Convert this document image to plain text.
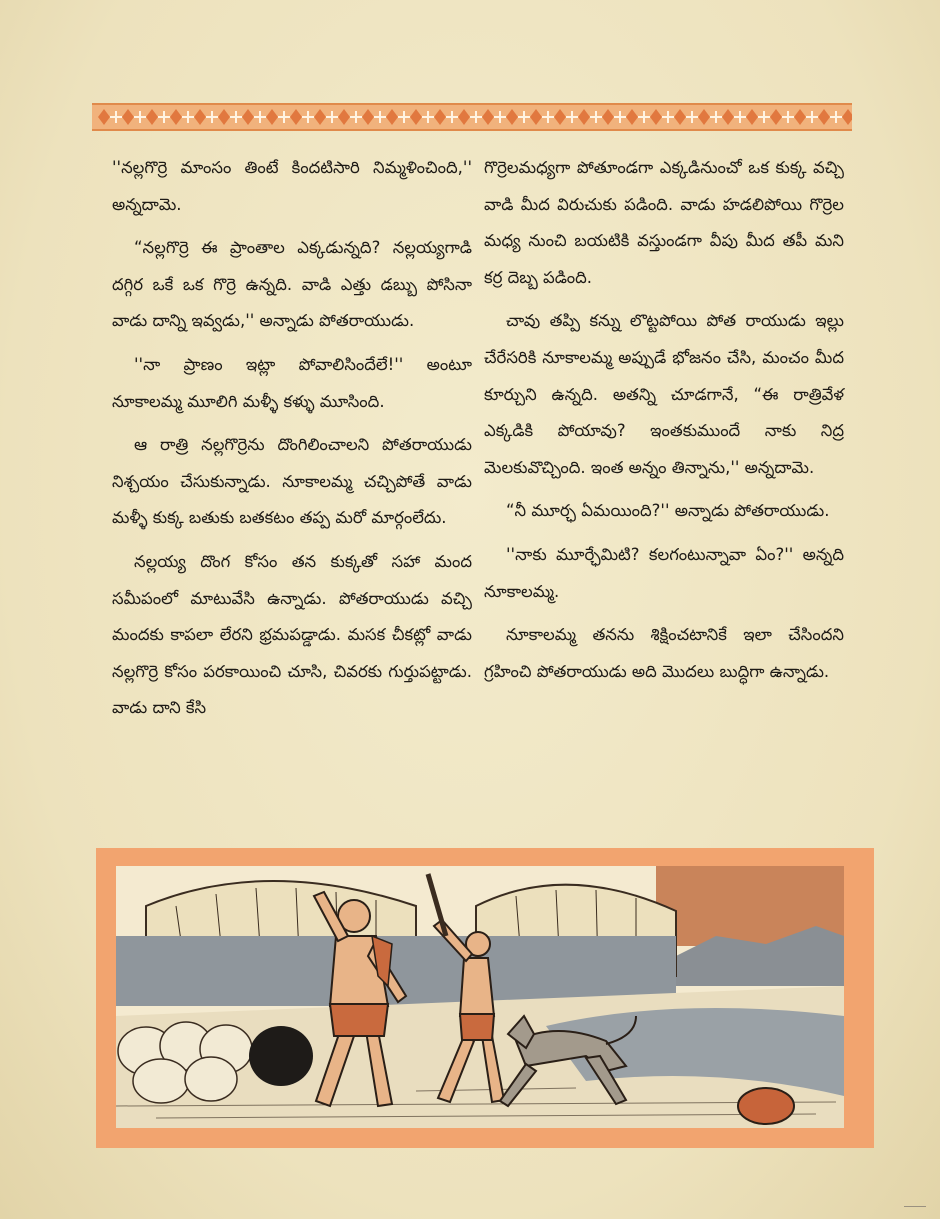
''నల్లగొర్రె మాంసం తింటే కిందటిసారి నిమ్మళించింది,'' అన్నదామె.

“నల్లగొర్రె ఈ ప్రాంతాల ఎక్కడున్నది? నల్లయ్యగాడి దగ్గిర ఒకే ఒక గొర్రె ఉన్నది. వాడి ఎత్తు డబ్బు పోసినా వాడు దాన్ని ఇవ్వడు,'' అన్నాడు పోతరాయుడు.

''నా ప్రాణం ఇట్లా పోవాలిసిందేలే!'' అంటూ నూకాలమ్మ మూలిగి మళ్ళీ కళ్ళు మూసింది.

ఆ రాత్రి నల్లగొర్రెను దొంగిలించాలని పోతరాయుడు నిశ్చయం చేసుకున్నాడు. నూకాలమ్మ చచ్చిపోతే వాడు మళ్ళీ కుక్క బతుకు బతకటం తప్ప మరో మార్గంలేదు.

నల్లయ్య దొంగ కోసం తన కుక్కతో సహా మంద సమీపంలో మాటువేసి ఉన్నాడు. పోతరాయుడు వచ్చి మందకు కాపలా లేరని భ్రమపడ్డాడు. మసక చీకట్లో వాడు నల్లగొర్రె కోసం పరకాయించి చూసి, చివరకు గుర్తుపట్టాడు. వాడు దాని కేసి

గొర్రెలమధ్యగా పోతూండగా ఎక్కడినుంచో ఒక కుక్క వచ్చి వాడి మీద విరుచుకు పడింది. వాడు హడలిపోయి గొర్రెల మధ్య నుంచి బయటికి వస్తుండగా వీపు మీద తపీ మని కర్ర దెబ్బ పడింది.

చావు తప్పి కన్ను లొట్టపోయి పోత రాయుడు ఇల్లు చేరేసరికి నూకాలమ్మ అప్పుడే భోజనం చేసి, మంచం మీద కూర్చుని ఉన్నది. అతన్ని చూడగానే, “ఈ రాత్రివేళ ఎక్కడికి పోయావు? ఇంతకుముందే నాకు నిద్ర మెలకువొచ్చింది. ఇంత అన్నం తిన్నాను,'' అన్నదామె.

“నీ మూర్ఛ ఏమయింది?'' అన్నాడు పోతరాయుడు.

''నాకు మూర్ఛేమిటి? కలగంటున్నావా ఏం?'' అన్నది నూకాలమ్మ.

నూకాలమ్మ తనను శిక్షించటానికే ఇలా చేసిందని గ్రహించి పోతరాయుడు అది మొదలు బుద్ధిగా ఉన్నాడు.
